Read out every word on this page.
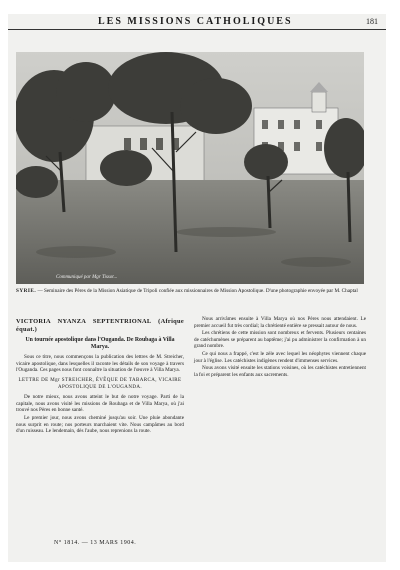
LES MISSIONS CATHOLIQUES	181
Communiqué par Mgr Tissot...
SYRIE. — Seminaire des Pères de la Mission Asiatique de Tripoli confiée aux missionnaires de Mission Apostolique. D'une photographie envoyée par M. Chaptal
VICTORIA NYANZA SEPTENTRIONAL (Afrique équat.)
Un tournée apostolique dans l'Ouganda. De Roubaga à Villa Marya.

Sous ce titre, nous commençons la publication des lettres de M. Streicher, vicaire apostolique, dans lesquelles il raconte les détails de son voyage à travers l'Ouganda. Ces pages nous font connaître la situation de l'œuvre à Villa Marya.

LETTRE DE Mgr STREICHER, ÉVÊQUE DE TABARCA, VICAIRE APOSTOLIQUE DE L'OUGANDA.

De notre mieux, nous avons atteint le but de notre voyage. Parti de la capitale, nous avons visité les missions de Roubaga et de Villa Marya, où j'ai trouvé nos Pères en bonne santé.

Le premier jour, nous avons cheminé jusqu'au soir. Une pluie abondante nous surprit en route; nos porteurs marchaient vite. Nous campâmes au bord d'un ruisseau. Le lendemain, dès l'aube, nous reprenions la route.

Nous arrivâmes ensuite à Villa Marya où nos Pères nous attendaient. Le premier accueil fut très cordial; la chrétienté entière se pressait autour de nous.

Les chrétiens de cette mission sont nombreux et fervents. Plusieurs centaines de catéchumènes se préparent au baptême; j'ai pu administrer la confirmation à un grand nombre.

Ce qui nous a frappé, c'est le zèle avec lequel les néophytes viennent chaque jour à l'église. Les catéchistes indigènes rendent d'immenses services.

Nous avons visité ensuite les stations voisines, où les catéchistes entretiennent la foi et préparent les enfants aux sacrements.

N° 1814. — 13 MARS 1904.
